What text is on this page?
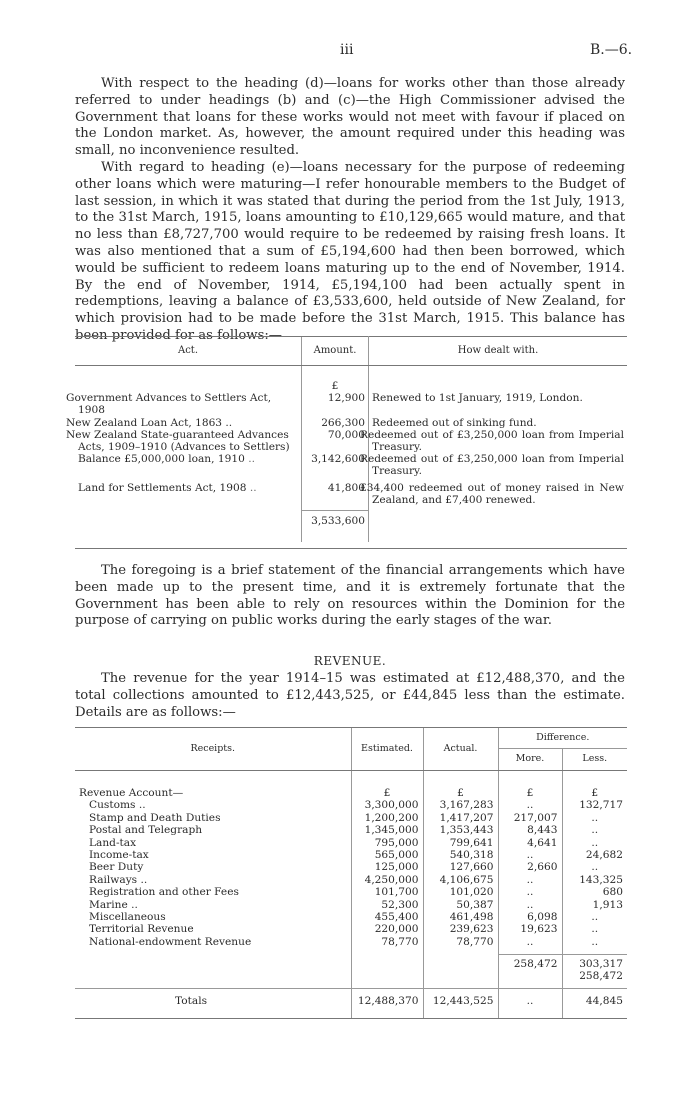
iii	B.—6.
With respect to the heading (d)—loans for works other than those already referred to under headings (b) and (c)—the High Commissioner advised the Government that loans for these works would not meet with favour if placed on the London market. As, however, the amount required under this heading was small, no inconvenience resulted.
With regard to heading (e)—loans necessary for the purpose of redeeming other loans which were maturing—I refer honourable members to the Budget of last session, in which it was stated that during the period from the 1st July, 1913, to the 31st March, 1915, loans amounting to £10,129,665 would mature, and that no less than £8,727,700 would require to be redeemed by raising fresh loans. It was also mentioned that a sum of £5,194,600 had then been borrowed, which would be sufficient to redeem loans maturing up to the end of November, 1914. By the end of November, 1914, £5,194,100 had been actually spent in redemptions, leaving a balance of £3,533,600, held outside of New Zealand, for which provision had to be made before the 31st March, 1915. This balance has been provided for as follows:—
Act.	Amount.	How dealt with.

	£	
Government Advances to Settlers Act, 1908	12,900	Renewed to 1st January, 1919, London.
New Zealand Loan Act, 1863 ..	266,300	Redeemed out of sinking fund.
New Zealand State-guaranteed Advances Acts, 1909–1910 (Advances to Settlers)	70,000	Redeemed out of £3,250,000 loan from Imperial Treasury.
Balance £5,000,000 loan, 1910 ..	3,142,600	Redeemed out of £3,250,000 loan from Imperial Treasury.

Land for Settlements Act, 1908 ..	41,800	£34,400 redeemed out of money raised in New Zealand, and £7,400 renewed.

	3,533,600	

The foregoing is a brief statement of the financial arrangements which have been made up to the present time, and it is extremely fortunate that the Government has been able to rely on resources within the Dominion for the purpose of carrying on public works during the early stages of the war.
REVENUE.
The revenue for the year 1914–15 was estimated at £12,488,370, and the total collections amounted to £12,443,525, or £44,845 less than the estimate. Details are as follows:—
Receipts.	Estimated.	Actual.	Difference.	
			More.	Less.

Revenue Account—	£	£	£	£
Customs ..	3,300,000	3,167,283	..	132,717
Stamp and Death Duties	1,200,200	1,417,207	217,007	..
Postal and Telegraph	1,345,000	1,353,443	8,443	..
Land-tax	795,000	799,641	4,641	..
Income-tax	565,000	540,318	..	24,682
Beer Duty	125,000	127,660	2,660	..
Railways ..	4,250,000	4,106,675	..	143,325
Registration and other Fees	101,700	101,020	..	680
Marine ..	52,300	50,387	..	1,913
Miscellaneous	455,400	461,498	6,098	..
Territorial Revenue	220,000	239,623	19,623	..
National-endowment Revenue	78,770	78,770	..	..

			258,472	303,317
				258,472

Totals	12,488,370	12,443,525	..	44,845
